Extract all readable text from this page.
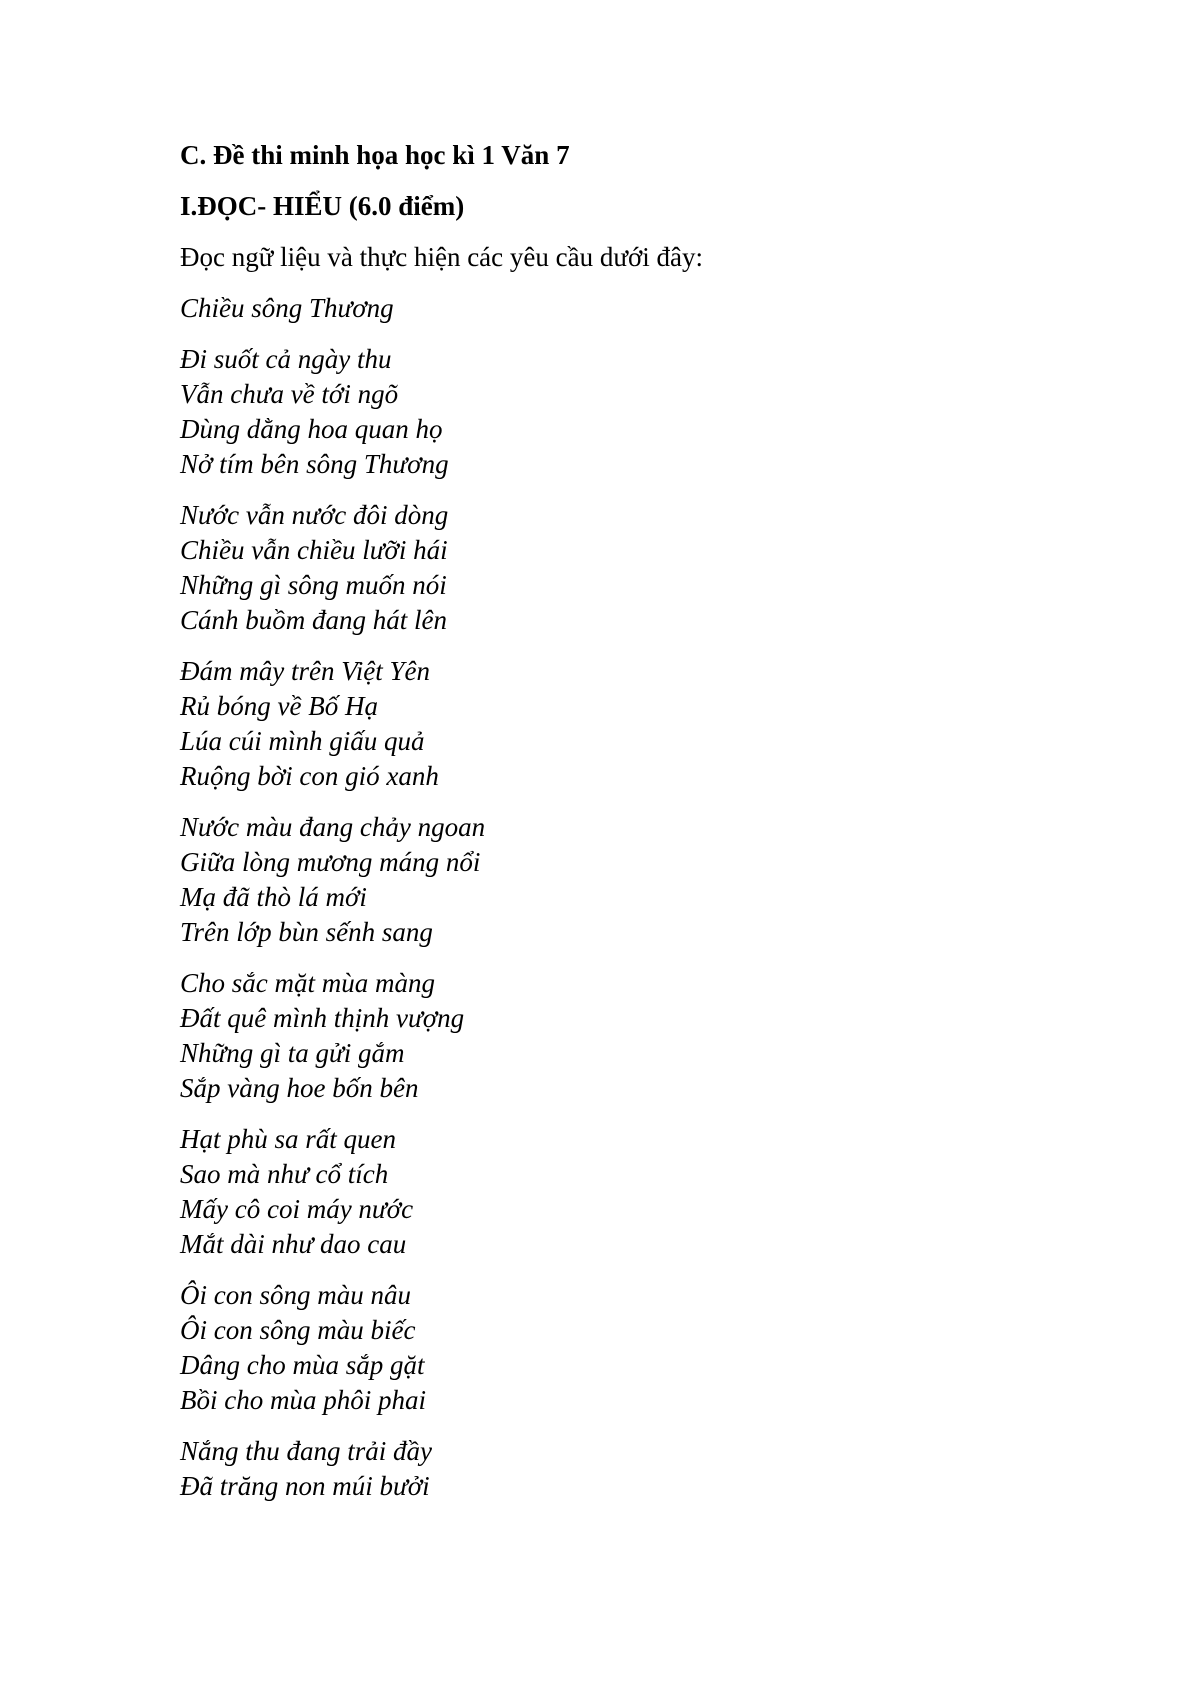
C. Đề thi minh họa học kì 1 Văn 7

I.ĐỌC- HIỂU (6.0 điểm)

Đọc ngữ liệu và thực hiện các yêu cầu dưới đây:

Chiều sông Thương

Đi suốt cả ngày thu

Vẫn chưa về tới ngõ

Dùng dằng hoa quan họ

Nở tím bên sông Thương

Nước vẫn nước đôi dòng

Chiều vẫn chiều lưỡi hái

Những gì sông muốn nói

Cánh buồm đang hát lên

Đám mây trên Việt Yên

Rủ bóng về Bố Hạ

Lúa cúi mình giấu quả

Ruộng bời con gió xanh

Nước màu đang chảy ngoan

Giữa lòng mương máng nổi

Mạ đã thò lá mới

Trên lớp bùn sếnh sang

Cho sắc mặt mùa màng

Đất quê mình thịnh vượng

Những gì ta gửi gắm

Sắp vàng hoe bốn bên

Hạt phù sa rất quen

Sao mà như cổ tích

Mấy cô coi máy nước

Mắt dài như dao cau

Ôi con sông màu nâu

Ôi con sông màu biếc

Dâng cho mùa sắp gặt

Bồi cho mùa phôi phai

Nắng thu đang trải đầy

Đã trăng non múi bưởi
